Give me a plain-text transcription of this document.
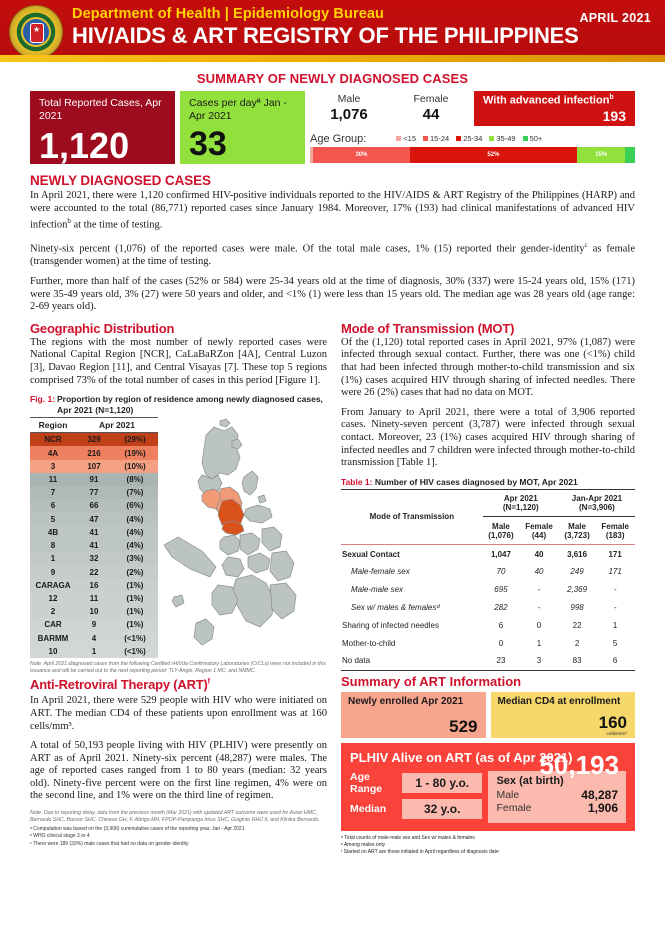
★
Department of Health | Epidemiology Bureau
HIV/AIDS & ART REGISTRY OF THE PHILIPPINES
APRIL 2021
SUMMARY OF NEWLY DIAGNOSED CASES
Total Reported Cases, Apr 2021
1,120
Cases per dayª Jan - Apr 2021
33
Male
1,076
Female
44
With advanced infection$^b$
193
Age Group:	<15	15-24	25-34	35-49	50+
30%	52%	15%
NEWLY DIAGNOSED CASES

In April 2021, there were 1,120 confirmed HIV-positive individuals reported to the HIV/AIDS & ART Registry of the Philippines (HARP) and were accounted to the total (86,771) reported cases since January 1984. Moreover, 17% (193) had clinical manifestations of advanced HIV infection$^b$ at the time of testing.

Ninety-six percent (1,076) of the reported cases were male. Of the total male cases, 1% (15) reported their gender-identity$^c$ as female (transgender women) at the time of testing.

Further, more than half of the cases (52% or 584) were 25-34 years old at the time of diagnosis, 30% (337) were 15-24 years old, 15% (171) were 35-49 years old, 3% (27) were 50 years and older, and <1% (1) were less than 15 years old. The median age was 28 years old (age range: 2-69 years old).

Geographic Distribution

The regions with the most number of newly reported cases were National Capital Region [NCR], CaLaBaRZon [4A], Central Luzon [3], Davao Region [11], and Central Visayas [7]. These top 5 regions comprised 73% of the total number of cases in this period [Figure 1].

Fig. 1: Proportion by region of residence among newly diagnosed cases, Apr 2021 (N=1,120)
Region	Apr 2021	
NCR	329	(29%)
4A	216	(19%)
3	107	(10%)
11	91	(8%)
7	77	(7%)
6	66	(6%)
5	47	(4%)
4B	41	(4%)
8	41	(4%)
1	32	(3%)
9	22	(2%)
CARAGA	16	(1%)
12	11	(1%)
2	10	(1%)
CAR	9	(1%)
BARMM	4	(<1%)
10	1	(<1%)
Note: April 2021 diagnosed cases from the following Certified rHIVda Confirmatory Laboratories (CrCLs) were not included in this issuance and will be carried out to the next reporting period: TLY-Angle, Region 1 MC, and NMMC.
Anti-Retroviral Therapy (ART)$^f$

In April 2021, there were 529 people with HIV who were initiated on ART. The median CD4 of these patients upon enrollment was at 160 cells/mm³.

A total of 50,193 people living with HIV (PLHIV) were presently on ART as of April 2021. Ninety-six percent (48,287) were males. The age of reported cases ranged from 1 to 80 years (median: 32 years old). Ninety-five percent were on the first line regimen, 4% were on the second line, and 1% were on the third line of regimen.

Note: Due to reporting delay, data from the previous month (Mar 2021) with updated ART outcome were used for Asian HMC, Bernardo SHC, Bacoor SHC, Chinese GH, F. Abrigo MH, FPOP-Pampanga Imus SHC, Guiginto RHU II, and Klinika Bernardo.
ᵃ Computation was based on the (3,906) cummulative cases of the reporting year, Jan - Apr 2021
ᵇ WHO clinical stage 3 or 4
ᶜ There were 189 (33%) male cases that had no data on gender-identity
Mode of Transmission (MOT)

Of the (1,120) total reported cases in April 2021, 97% (1,087) were infected through sexual contact. Further, there was one (<1%) child that had been infected through mother-to-child transmission and six (1%) cases acquired HIV through sharing of infected needles. There were 26 (2%) cases that had no data on MOT.

From January to April 2021, there were a total of 3,906 reported cases. Ninety-seven percent (3,787) were infected through sexual contact. Moreover, 23 (1%) cases acquired HIV through sharing of infected needles and 7 children were infected through mother-to-child transmission [Table 1].

Table 1: Number of HIV cases diagnosed by MOT, Apr 2021
Mode of Transmission	Apr 2021
(N=1,120)		Jan-Apr 2021
(N=3,906)	
	Male
(1,076)	Female
(44)	Male
(3,723)	Female
(183)
Sexual Contact	1,047	40	3,616	171
Male-female sex	70	40	249	171
Male-male sex	695	-	2,369	-
Sex w/ males & femalesᵈ	282	-	998	-
Sharing of infected needles	6	0	22	1
Mother-to-child	0	1	2	5
No data	23	3	83	6
Summary of ART Information
Newly enrolled Apr 2021
529
Median CD4 at enrollment
160
cells/mm³
PLHIV Alive on ART (as of Apr 2021)
50,193
Age Range	1 - 80 y.o.
Median	32 y.o.
Sex (at birth)
Male	48,287
Female	1,906
ᵈ Total counts of male-male sex and Sex w/ males & females
ᵉ Among males only
ᶠ Started on ART are those initiated in April regardless of diagnosis date
